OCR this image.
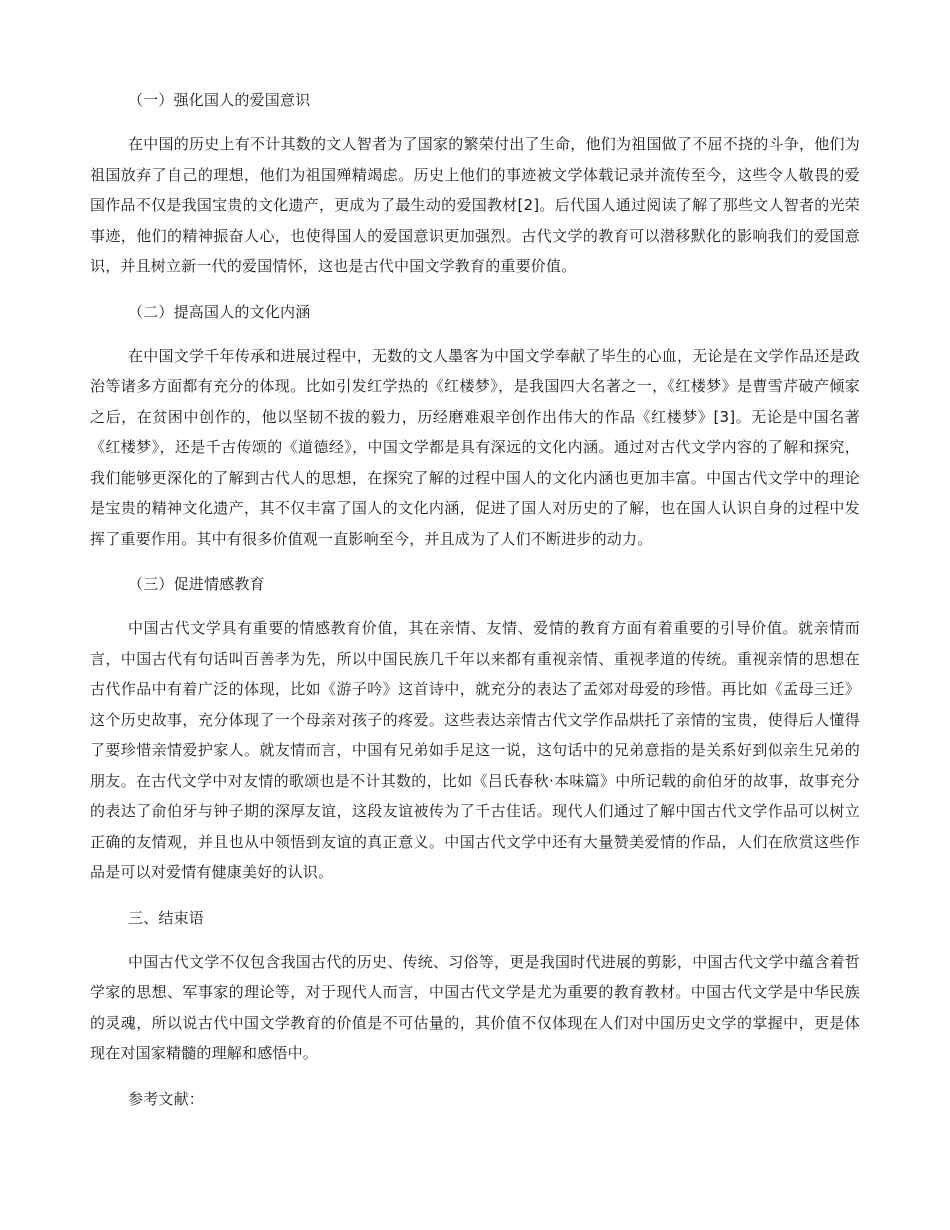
（一）强化国人的爱国意识

在中国的历史上有不计其数的文人智者为了国家的繁荣付出了生命，他们为祖国做了不屈不挠的斗争，他们为祖国放弃了自己的理想，他们为祖国殚精竭虑。历史上他们的事迹被文学体载记录并流传至今，这些令人敬畏的爱国作品不仅是我国宝贵的文化遗产，更成为了最生动的爱国教材[2]。后代国人通过阅读了解了那些文人智者的光荣事迹，他们的精神振奋人心，也使得国人的爱国意识更加强烈。古代文学的教育可以潜移默化的影响我们的爱国意识，并且树立新一代的爱国情怀，这也是古代中国文学教育的重要价值。

（二）提高国人的文化内涵

在中国文学千年传承和进展过程中，无数的文人墨客为中国文学奉献了毕生的心血，无论是在文学作品还是政治等诸多方面都有充分的体现。比如引发红学热的《红楼梦》，是我国四大名著之一，《红楼梦》是曹雪芹破产倾家之后，在贫困中创作的，他以坚韧不拔的毅力，历经磨难艰辛创作出伟大的作品《红楼梦》[3]。无论是中国名著《红楼梦》，还是千古传颂的《道德经》，中国文学都是具有深远的文化内涵。通过对古代文学内容的了解和探究，我们能够更深化的了解到古代人的思想，在探究了解的过程中国人的文化内涵也更加丰富。中国古代文学中的理论是宝贵的精神文化遗产，其不仅丰富了国人的文化内涵，促进了国人对历史的了解，也在国人认识自身的过程中发挥了重要作用。其中有很多价值观一直影响至今，并且成为了人们不断进步的动力。

（三）促进情感教育

中国古代文学具有重要的情感教育价值，其在亲情、友情、爱情的教育方面有着重要的引导价值。就亲情而言，中国古代有句话叫百善孝为先，所以中国民族几千年以来都有重视亲情、重视孝道的传统。重视亲情的思想在古代作品中有着广泛的体现，比如《游子吟》这首诗中，就充分的表达了孟郊对母爱的珍惜。再比如《孟母三迁》这个历史故事，充分体现了一个母亲对孩子的疼爱。这些表达亲情古代文学作品烘托了亲情的宝贵，使得后人懂得了要珍惜亲情爱护家人。就友情而言，中国有兄弟如手足这一说，这句话中的兄弟意指的是关系好到似亲生兄弟的朋友。在古代文学中对友情的歌颂也是不计其数的，比如《吕氏春秋·本味篇》中所记载的俞伯牙的故事，故事充分的表达了俞伯牙与钟子期的深厚友谊，这段友谊被传为了千古佳话。现代人们通过了解中国古代文学作品可以树立正确的友情观，并且也从中领悟到友谊的真正意义。中国古代文学中还有大量赞美爱情的作品，人们在欣赏这些作品是可以对爱情有健康美好的认识。

三、结束语

中国古代文学不仅包含我国古代的历史、传统、习俗等，更是我国时代进展的剪影，中国古代文学中蕴含着哲学家的思想、军事家的理论等，对于现代人而言，中国古代文学是尤为重要的教育教材。中国古代文学是中华民族的灵魂，所以说古代中国文学教育的价值是不可估量的，其价值不仅体现在人们对中国历史文学的掌握中，更是体现在对国家精髓的理解和感悟中。

参考文献：
